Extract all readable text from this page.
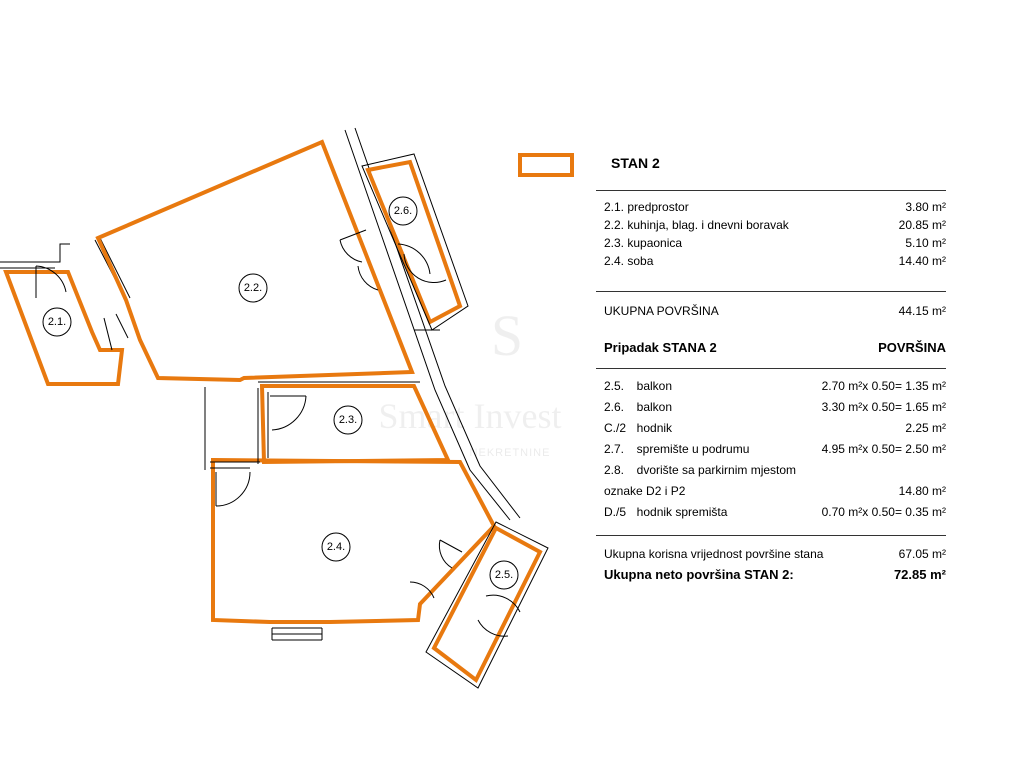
S
Smart Invest
NEKRETNINE
2.1.
2.2.
2.3.
2.4.
2.5.
2.6.
STAN 2
2.1. predprostor	3.80 m²
2.2. kuhinja, blag. i dnevni boravak	20.85 m²
2.3. kupaonica	5.10 m²
2.4. soba	14.40 m²
UKUPNA POVRŠINA	44.15 m²
Pripadak STANA 2	POVRŠINA
2.5. balkon	2.70 m²x 0.50= 1.35 m²
2.6. balkon	3.30 m²x 0.50= 1.65 m²
C./2 hodnik	2.25 m²
2.7. spremište u podrumu	4.95 m²x 0.50= 2.50 m²
2.8. dvorište sa parkirnim mjestom
oznake D2 i P2	14.80 m²
D./5 hodnik spremišta	0.70 m²x 0.50= 0.35 m²
Ukupna korisna vrijednost površine stana	67.05 m²
Ukupna neto površina STAN 2:	72.85 m²
